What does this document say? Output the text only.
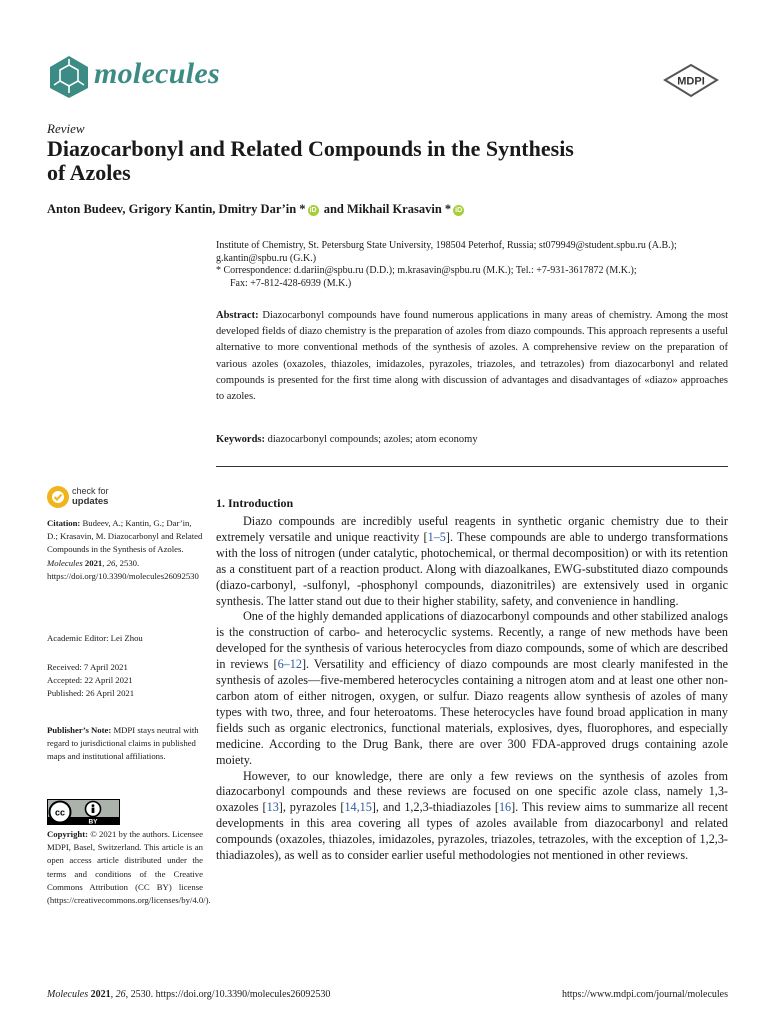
molecules	MDPI
Review
Diazocarbonyl and Related Compounds in the Synthesis
of Azoles
Anton Budeev, Grigory Kantin, Dmitry Dar’in * iD and Mikhail Krasavin * iD
Institute of Chemistry, St. Petersburg State University, 198504 Peterhof, Russia; st079949@student.spbu.ru (A.B.);
g.kantin@spbu.ru (G.K.)
* Correspondence: d.dariin@spbu.ru (D.D.); m.krasavin@spbu.ru (M.K.); Tel.: +7-931-3617872 (M.K.);
Fax: +7-812-428-6939 (M.K.)
Abstract: Diazocarbonyl compounds have found numerous applications in many areas of chemistry. Among the most developed fields of diazo chemistry is the preparation of azoles from diazo compounds. This approach represents a useful alternative to more conventional methods of the synthesis of azoles. A comprehensive review on the preparation of various azoles (oxazoles, thiazoles, imidazoles, pyrazoles, triazoles, and tetrazoles) from diazocarbonyl and related compounds is presented for the first time along with discussion of advantages and disadvantages of «diazo» approaches to azoles.
Keywords: diazocarbonyl compounds; azoles; atom economy
check for
updates
Citation: Budeev, A.; Kantin, G.; Dar’in, D.; Krasavin, M. Diazocarbonyl and Related Compounds in the Synthesis of Azoles. Molecules 2021, 26, 2530. https://doi.org/10.3390/molecules26092530
Academic Editor: Lei Zhou
Received: 7 April 2021
Accepted: 22 April 2021
Published: 26 April 2021
Publisher’s Note: MDPI stays neutral with regard to jurisdictional claims in published maps and institutional affiliations.
cc
BY
Copyright: © 2021 by the authors. Licensee MDPI, Basel, Switzerland. This article is an open access article distributed under the terms and conditions of the Creative Commons Attribution (CC BY) license (https://creativecommons.org/licenses/by/4.0/).
1. Introduction

Diazo compounds are incredibly useful reagents in synthetic organic chemistry due to their extremely versatile and unique reactivity [1–5]. These compounds are able to undergo transformations with the loss of nitrogen (under catalytic, photochemical, or thermal decomposition) or with its retention as a constituent part of a reaction product. Along with diazoalkanes, EWG-substituted diazo compounds (diazo-carbonyl, -sulfonyl, -phosphonyl compounds, diazonitriles) are extensively used in organic synthesis. The latter stand out due to their higher stability, safety, and convenience in handling.

One of the highly demanded applications of diazocarbonyl compounds and other stabilized analogs is the construction of carbo- and heterocyclic systems. Recently, a range of new methods have been developed for the synthesis of various heterocycles from diazo compounds, some of which are described in reviews [6–12]. Versatility and efficiency of diazo compounds are most clearly manifested in the synthesis of azoles—five-membered heterocycles containing a nitrogen atom and at least one other non-carbon atom of either nitrogen, oxygen, or sulfur. Diazo reagents allow synthesis of azoles of many types with two, three, and four heteroatoms. These heterocycles have found broad application in many fields such as organic electronics, functional materials, explosives, dyes, fluorophores, and especially medicine. According to the Drug Bank, there are over 300 FDA-approved drugs containing azole moiety.

However, to our knowledge, there are only a few reviews on the synthesis of azoles from diazocarbonyl compounds and these reviews are focused on one specific azole class, namely 1,3-oxazoles [13], pyrazoles [14,15], and 1,2,3-thiadiazoles [16]. This review aims to summarize all recent developments in this area covering all types of azoles available from diazocarbonyl and related compounds (oxazoles, thiazoles, imidazoles, pyrazoles, triazoles, tetrazoles, with the exception of 1,2,3-thiadiazoles), as well as to consider earlier useful methodologies not mentioned in other reviews.

Molecules 2021, 26, 2530. https://doi.org/10.3390/molecules26092530	https://www.mdpi.com/journal/molecules
